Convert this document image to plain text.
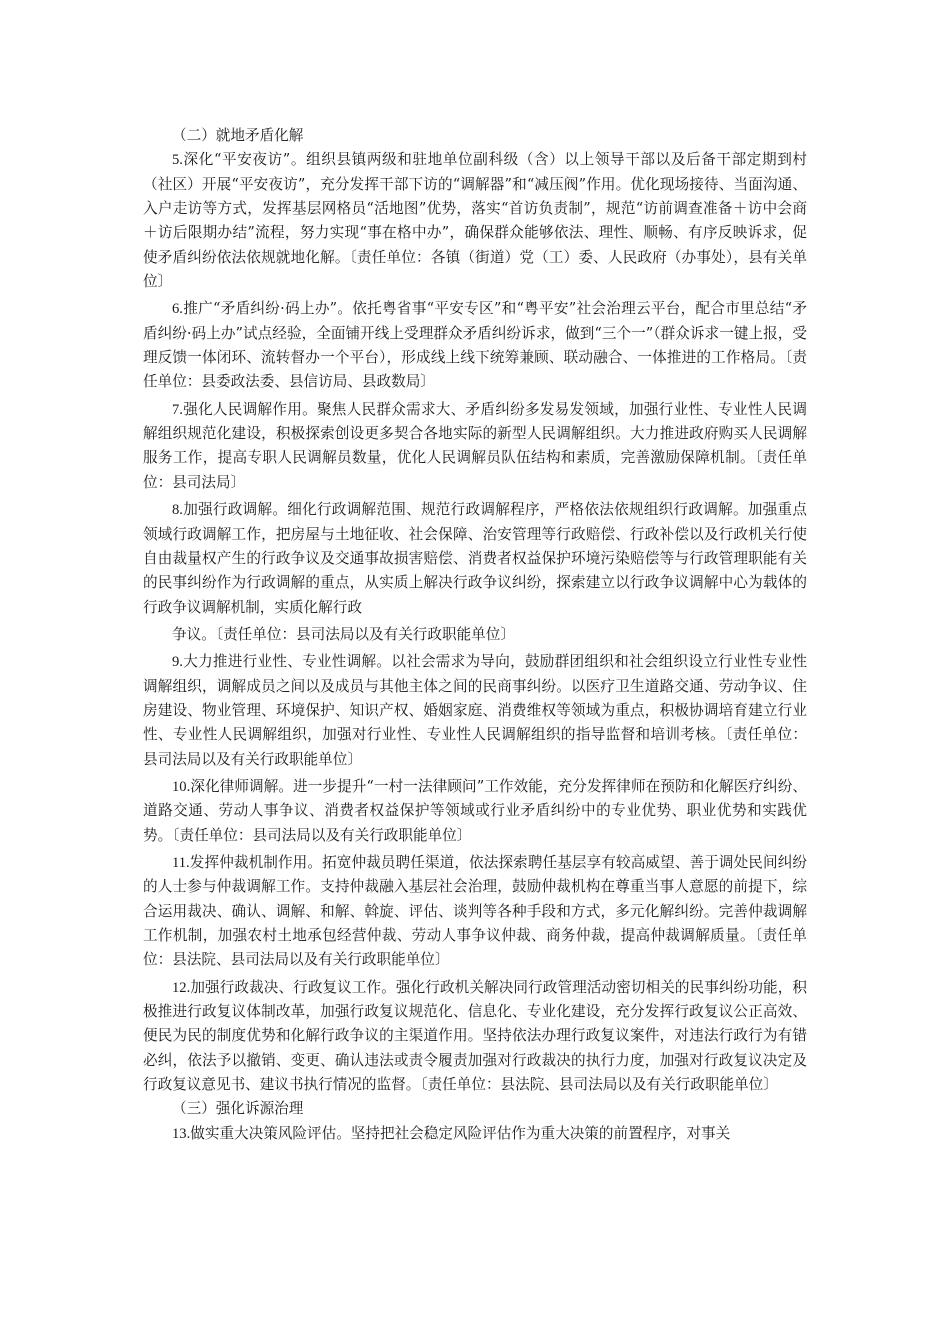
（二）就地矛盾化解

5.深化“平安夜访”。组织县镇两级和驻地单位副科级（含）以上领导干部以及后备干部定期到村（社区）开展“平安夜访”，充分发挥干部下访的“调解器”和“减压阀”作用。优化现场接待、当面沟通、入户走访等方式，发挥基层网格员“活地图”优势，落实“首访负责制”，规范“访前调查准备＋访中会商＋访后限期办结”流程，努力实现“事在格中办”，确保群众能够依法、理性、顺畅、有序反映诉求，促使矛盾纠纷依法依规就地化解。〔责任单位：各镇（街道）党（工）委、人民政府（办事处），县有关单位〕

6.推广“矛盾纠纷·码上办”。依托粤省事“平安专区”和“粤平安”社会治理云平台，配合市里总结“矛盾纠纷·码上办”试点经验，全面铺开线上受理群众矛盾纠纷诉求，做到“三个一”（群众诉求一键上报，受理反馈一体闭环、流转督办一个平台），形成线上线下统筹兼顾、联动融合、一体推进的工作格局。〔责任单位：县委政法委、县信访局、县政数局〕

7.强化人民调解作用。聚焦人民群众需求大、矛盾纠纷多发易发领域，加强行业性、专业性人民调解组织规范化建设，积极探索创设更多契合各地实际的新型人民调解组织。大力推进政府购买人民调解服务工作，提高专职人民调解员数量，优化人民调解员队伍结构和素质，完善激励保障机制。〔责任单位：县司法局〕

8.加强行政调解。细化行政调解范围、规范行政调解程序，严格依法依规组织行政调解。加强重点领域行政调解工作，把房屋与土地征收、社会保障、治安管理等行政赔偿、行政补偿以及行政机关行使自由裁量权产生的行政争议及交通事故损害赔偿、消费者权益保护环境污染赔偿等与行政管理职能有关的民事纠纷作为行政调解的重点，从实质上解决行政争议纠纷，探索建立以行政争议调解中心为载体的行政争议调解机制，实质化解行政

争议。〔责任单位：县司法局以及有关行政职能单位〕

9.大力推进行业性、专业性调解。以社会需求为导向，鼓励群团组织和社会组织设立行业性专业性调解组织，调解成员之间以及成员与其他主体之间的民商事纠纷。以医疗卫生道路交通、劳动争议、住房建设、物业管理、环境保护、知识产权、婚姻家庭、消费维权等领域为重点，积极协调培育建立行业性、专业性人民调解组织，加强对行业性、专业性人民调解组织的指导监督和培训考核。〔责任单位：县司法局以及有关行政职能单位〕

10.深化律师调解。进一步提升“一村一法律顾问”工作效能，充分发挥律师在预防和化解医疗纠纷、道路交通、劳动人事争议、消费者权益保护等领域或行业矛盾纠纷中的专业优势、职业优势和实践优势。〔责任单位：县司法局以及有关行政职能单位〕

11.发挥仲裁机制作用。拓宽仲裁员聘任渠道，依法探索聘任基层享有较高威望、善于调处民间纠纷的人士参与仲裁调解工作。支持仲裁融入基层社会治理，鼓励仲裁机构在尊重当事人意愿的前提下，综合运用裁决、确认、调解、和解、斡旋、评估、谈判等各种手段和方式，多元化解纠纷。完善仲裁调解工作机制，加强农村土地承包经营仲裁、劳动人事争议仲裁、商务仲裁，提高仲裁调解质量。〔责任单位：县法院、县司法局以及有关行政职能单位〕

12.加强行政裁决、行政复议工作。强化行政机关解决同行政管理活动密切相关的民事纠纷功能，积极推进行政复议体制改革，加强行政复议规范化、信息化、专业化建设，充分发挥行政复议公正高效、便民为民的制度优势和化解行政争议的主渠道作用。坚持依法办理行政复议案件，对违法行政行为有错必纠，依法予以撤销、变更、确认违法或责令履责加强对行政裁决的执行力度，加强对行政复议决定及行政复议意见书、建议书执行情况的监督。〔责任单位：县法院、县司法局以及有关行政职能单位〕

（三）强化诉源治理

13.做实重大决策风险评估。坚持把社会稳定风险评估作为重大决策的前置程序，对事关
